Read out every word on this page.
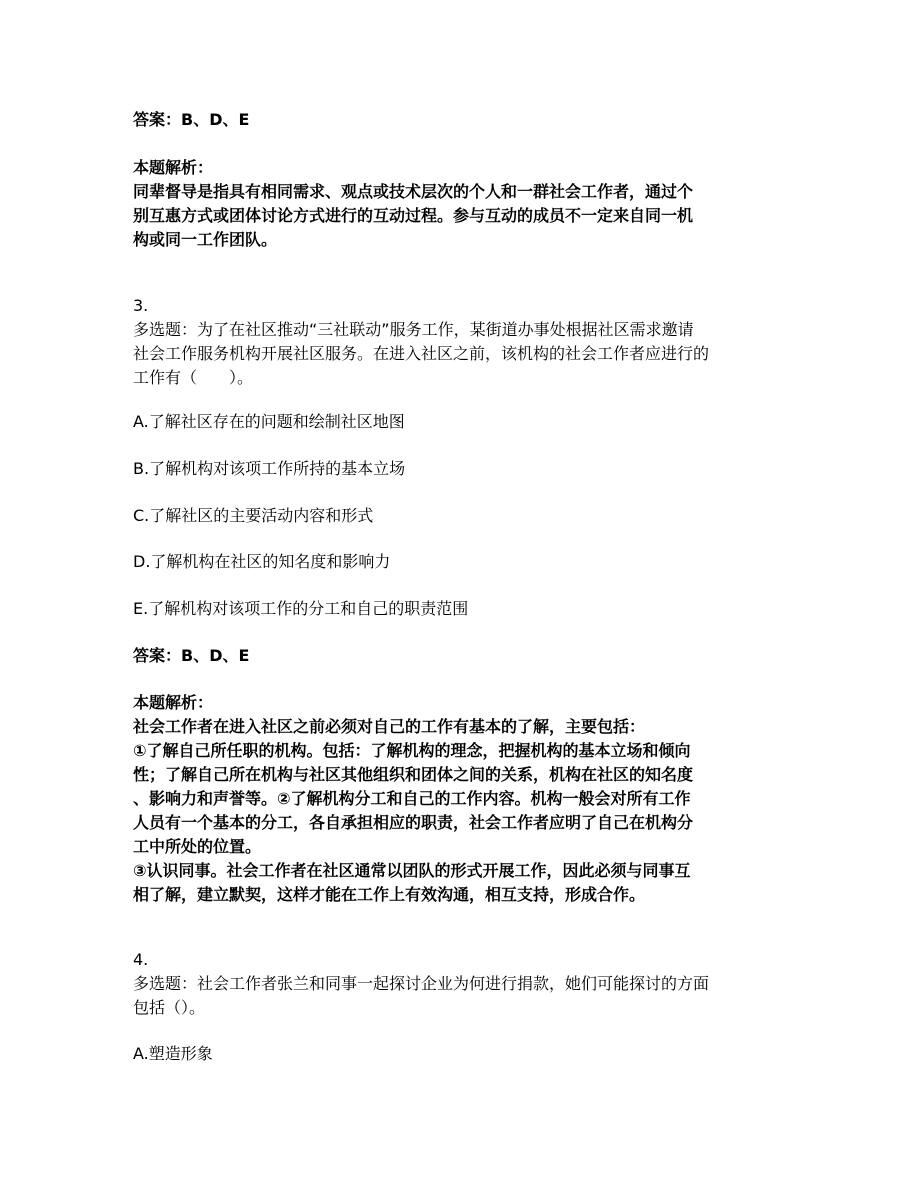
答案：B、D、E
本题解析：
同辈督导是指具有相同需求、观点或技术层次的个人和一群社会工作者，通过个
别互惠方式或团体讨论方式进行的互动过程。参与互动的成员不一定来自同一机
构或同一工作团队。
3.
多选题：为了在社区推动“三社联动”服务工作，某街道办事处根据社区需求邀请
社会工作服务机构开展社区服务。在进入社区之前，该机构的社会工作者应进行的
工作有（　　）。
A.了解社区存在的问题和绘制社区地图
B.了解机构对该项工作所持的基本立场
C.了解社区的主要活动内容和形式
D.了解机构在社区的知名度和影响力
E.了解机构对该项工作的分工和自己的职责范围
答案：B、D、E
本题解析：
社会工作者在进入社区之前必须对自己的工作有基本的了解，主要包括：
①了解自己所任职的机构。包括：了解机构的理念，把握机构的基本立场和倾向
性；了解自己所在机构与社区其他组织和团体之间的关系，机构在社区的知名度
、影响力和声誉等。②了解机构分工和自己的工作内容。机构一般会对所有工作
人员有一个基本的分工，各自承担相应的职责，社会工作者应明了自己在机构分
工中所处的位置。
③认识同事。社会工作者在社区通常以团队的形式开展工作，因此必须与同事互
相了解，建立默契，这样才能在工作上有效沟通，相互支持，形成合作。
4.
多选题：社会工作者张兰和同事一起探讨企业为何进行捐款，她们可能探讨的方面
包括（）。
A.塑造形象
